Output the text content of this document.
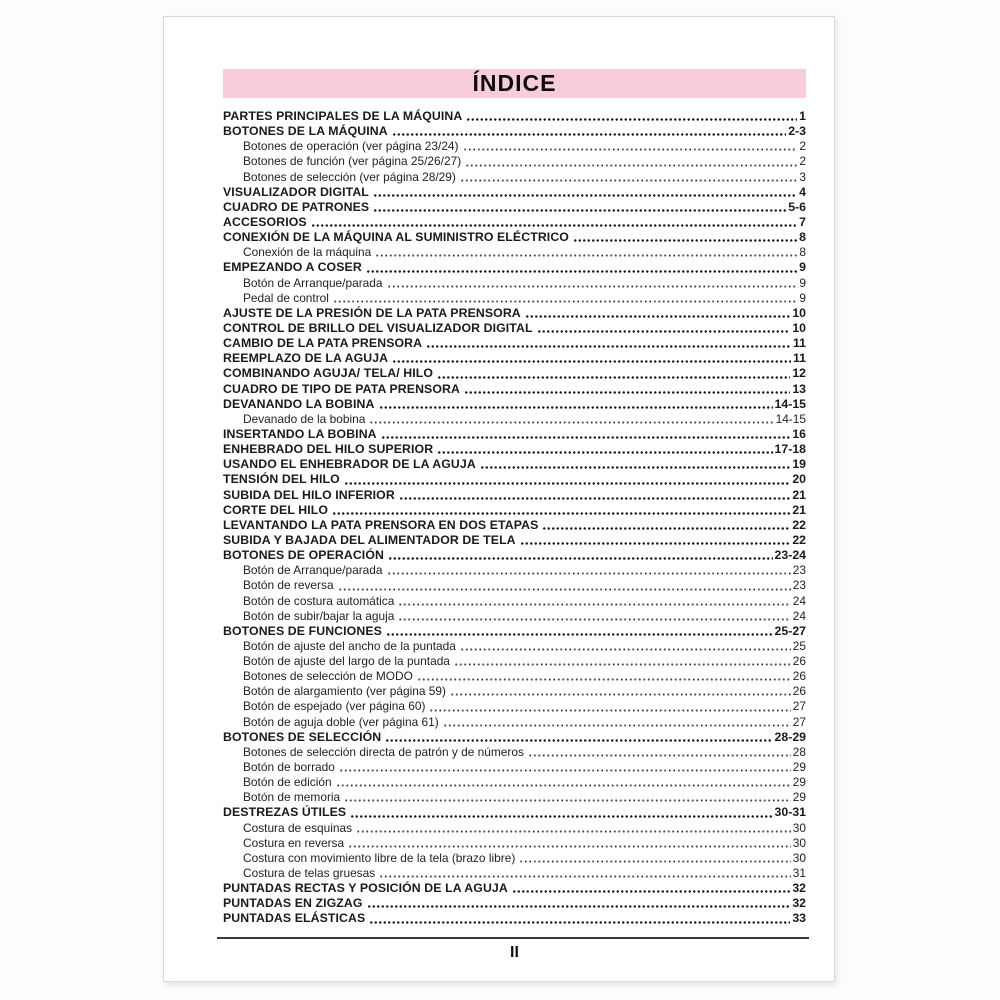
ÍNDICE
PARTES PRINCIPALES DE LA MÁQUINA	1
BOTONES DE LA MÁQUINA	2-3
Botones de operación (ver página 23/24)	2
Botones de función (ver página 25/26/27)	2
Botones de selección (ver página 28/29)	3
VISUALIZADOR DIGITAL	4
CUADRO DE PATRONES	5-6
ACCESORIOS	7
CONEXIÓN DE LA MÁQUINA AL SUMINISTRO ELÉCTRICO	8
Conexión de la máquina	8
EMPEZANDO A COSER	9
Botón de Arranque/parada	9
Pedal de control	9
AJUSTE DE LA PRESIÓN DE LA PATA PRENSORA	10
CONTROL DE BRILLO DEL VISUALIZADOR DIGITAL	10
CAMBIO DE LA PATA PRENSORA	11
REEMPLAZO DE LA AGUJA	11
COMBINANDO AGUJA/ TELA/ HILO	12
CUADRO DE TIPO DE PATA PRENSORA	13
DEVANANDO LA BOBINA	14-15
Devanado de la bobina	14-15
INSERTANDO LA BOBINA	16
ENHEBRADO DEL HILO SUPERIOR	17-18
USANDO EL ENHEBRADOR DE LA AGUJA	19
TENSIÓN DEL HILO	20
SUBIDA DEL HILO INFERIOR	21
CORTE DEL HILO	21
LEVANTANDO LA PATA PRENSORA EN DOS ETAPAS	22
SUBIDA Y BAJADA DEL ALIMENTADOR DE TELA	22
BOTONES DE OPERACIÓN	23-24
Botón de Arranque/parada	23
Botón de reversa	23
Botón de costura automática	24
Botón de subir/bajar la aguja	24
BOTONES DE FUNCIONES	25-27
Botón de ajuste del ancho de la puntada	25
Botón de ajuste del largo de la puntada	26
Botones de selección de MODO	26
Botón de alargamiento (ver página 59)	26
Botón de espejado (ver página 60)	27
Botón de aguja doble (ver página 61)	27
BOTONES DE SELECCIÓN	28-29
Botones de selección directa de patrón y de números	28
Botón de borrado	29
Botón de edición	29
Botón de memoria	29
DESTREZAS ÚTILES	30-31
Costura de esquinas	30
Costura en reversa	30
Costura con movimiento libre de la tela (brazo libre)	30
Costura de telas gruesas	31
PUNTADAS RECTAS Y POSICIÓN DE LA AGUJA	32
PUNTADAS EN ZIGZAG	32
PUNTADAS ELÁSTICAS	33
II
